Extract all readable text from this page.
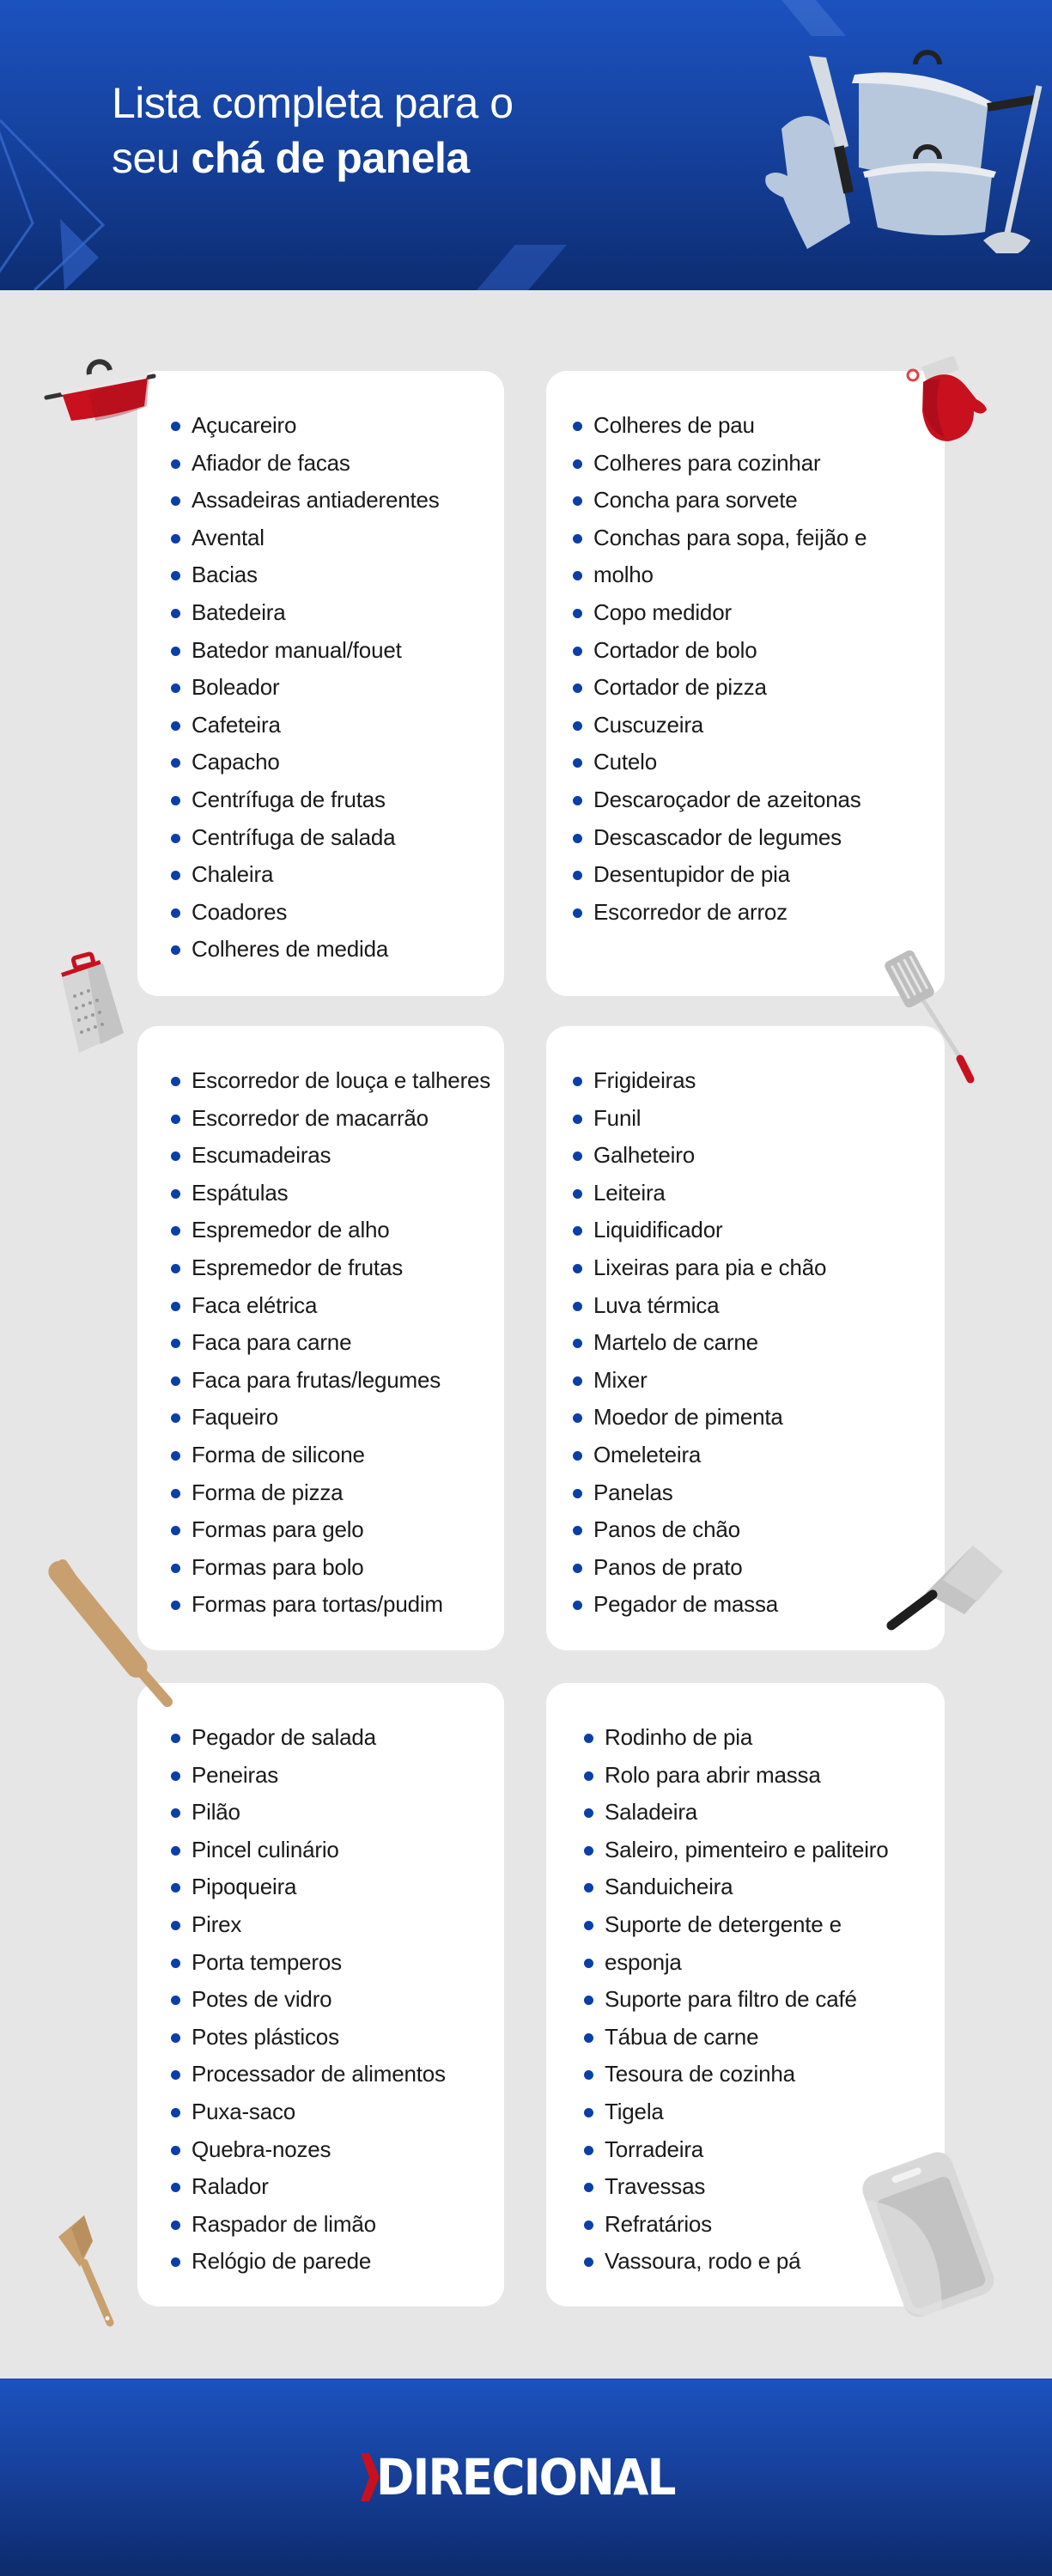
Lista completa para o
seu chá de panela
Açucareiro
Afiador de facas
Assadeiras antiaderentes
Avental
Bacias
Batedeira
Batedor manual/fouet
Boleador
Cafeteira
Capacho
Centrífuga de frutas
Centrífuga de salada
Chaleira
Coadores
Colheres de medida
Colheres de pau
Colheres para cozinhar
Concha para sorvete
Conchas para sopa, feijão e
molho
Copo medidor
Cortador de bolo
Cortador de pizza
Cuscuzeira
Cutelo
Descaroçador de azeitonas
Descascador de legumes
Desentupidor de pia
Escorredor de arroz
Escorredor de louça e talheres
Escorredor de macarrão
Escumadeiras
Espátulas
Espremedor de alho
Espremedor de frutas
Faca elétrica
Faca para carne
Faca para frutas/legumes
Faqueiro
Forma de silicone
Forma de pizza
Formas para gelo
Formas para bolo
Formas para tortas/pudim
Frigideiras
Funil
Galheteiro
Leiteira
Liquidificador
Lixeiras para pia e chão
Luva térmica
Martelo de carne
Mixer
Moedor de pimenta
Omeleteira
Panelas
Panos de chão
Panos de prato
Pegador de massa
Pegador de salada
Peneiras
Pilão
Pincel culinário
Pipoqueira
Pirex
Porta temperos
Potes de vidro
Potes plásticos
Processador de alimentos
Puxa-saco
Quebra-nozes
Ralador
Raspador de limão
Relógio de parede
Rodinho de pia
Rolo para abrir massa
Saladeira
Saleiro, pimenteiro e paliteiro
Sanduicheira
Suporte de detergente e
esponja
Suporte para filtro de café
Tábua de carne
Tesoura de cozinha
Tigela
Torradeira
Travessas
Refratários
Vassoura, rodo e pá
DIRECIONAL
